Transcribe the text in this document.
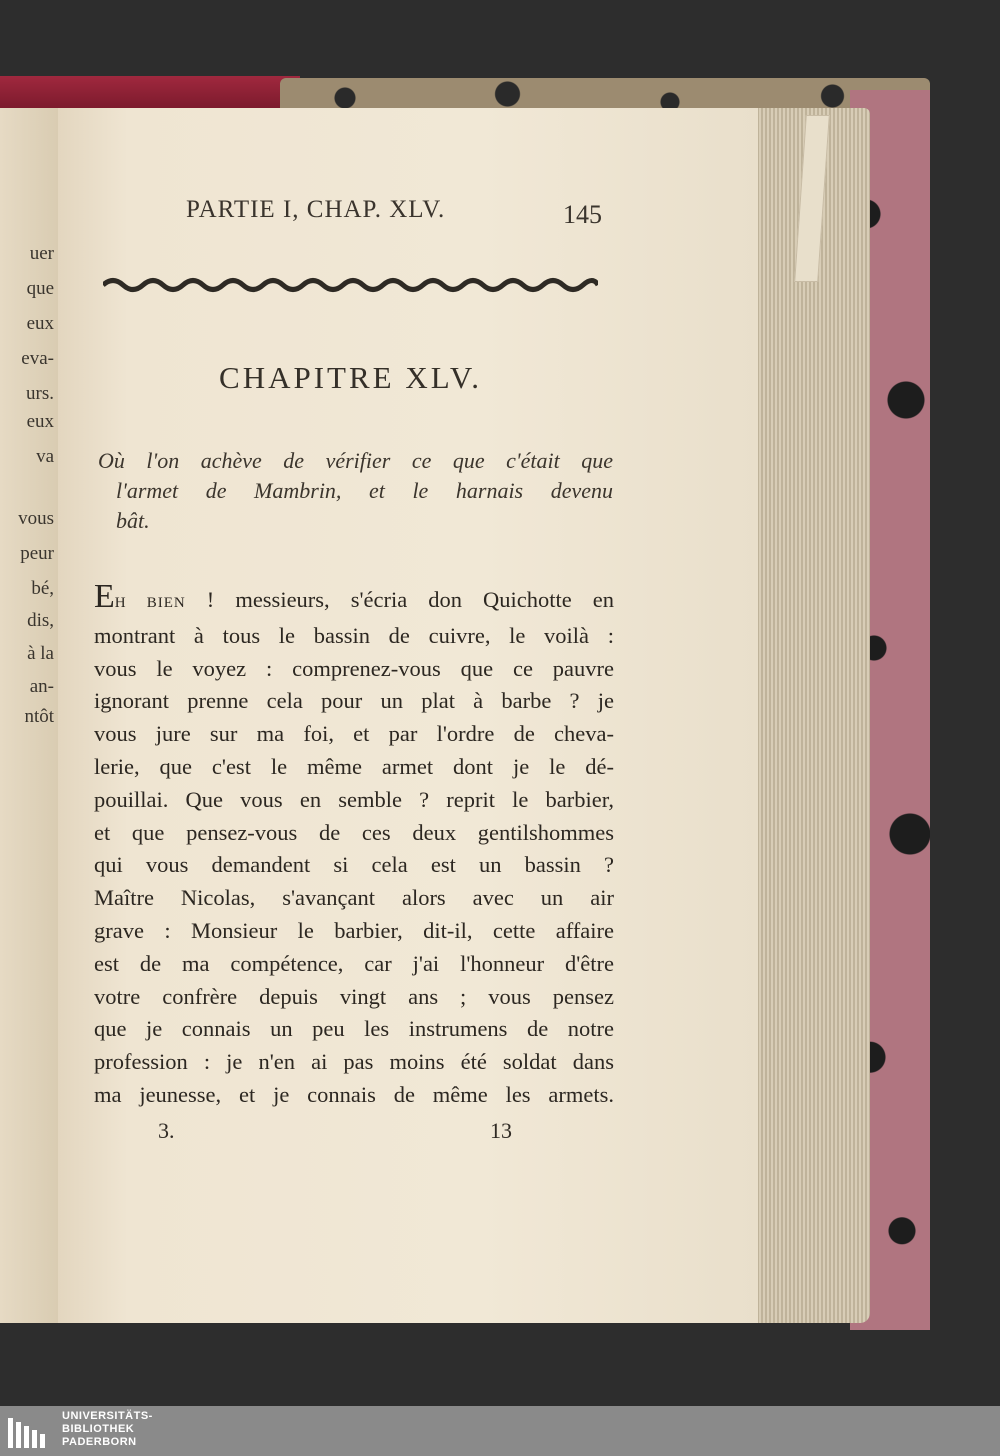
uer
que
eux
eva-
urs.
eux
va
vous
peur
bé,
dis,
à la
an-
ntôt
PARTIE I, CHAP. XLV.	145
CHAPITRE XLV.
Où l'on achève de vérifier ce que c'était que
l'armet de Mambrin, et le harnais devenu
bât.
EH BIEN ! messieurs, s'écria don Quichotte en
montrant à tous le bassin de cuivre, le voilà :
vous le voyez : comprenez-vous que ce pauvre
ignorant prenne cela pour un plat à barbe ? je
vous jure sur ma foi, et par l'ordre de cheva-
lerie, que c'est le même armet dont je le dé-
pouillai. Que vous en semble ? reprit le barbier,
et que pensez-vous de ces deux gentilshommes
qui vous demandent si cela est un bassin ?
Maître Nicolas, s'avançant alors avec un air
grave : Monsieur le barbier, dit-il, cette affaire
est de ma compétence, car j'ai l'honneur d'être
votre confrère depuis vingt ans ; vous pensez
que je connais un peu les instrumens de notre
profession : je n'en ai pas moins été soldat dans
ma jeunesse, et je connais de même les armets.
3.	13
UNIVERSITÄTS-
BIBLIOTHEK
PADERBORN
